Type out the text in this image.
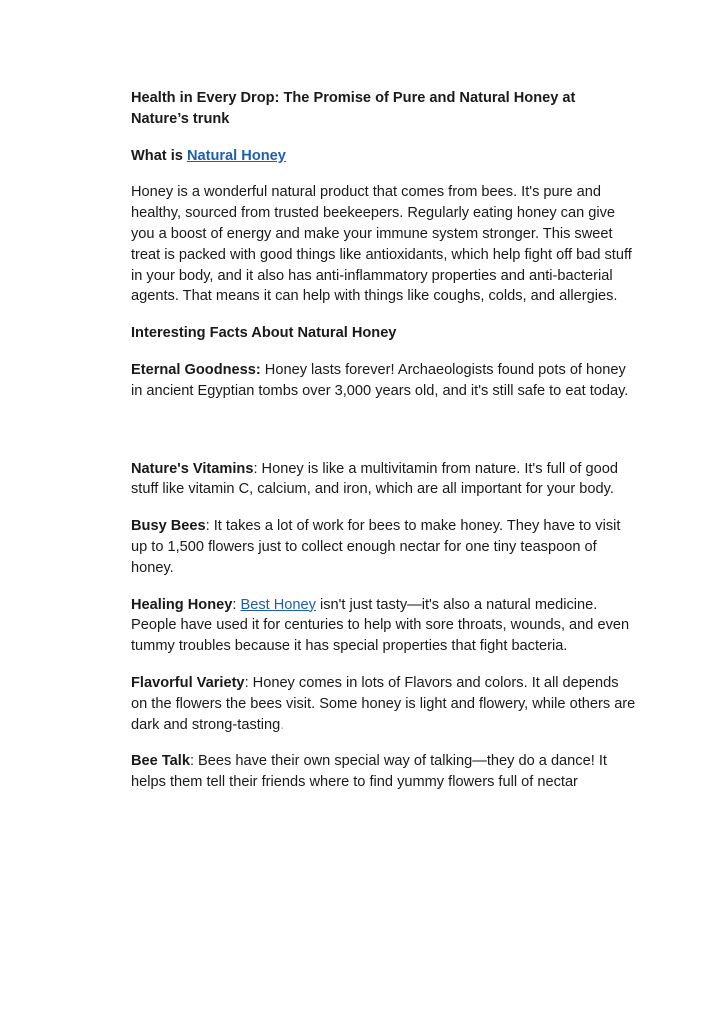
Health in Every Drop: The Promise of Pure and Natural Honey at Nature’s trunk
What is Natural Honey

Honey is a wonderful natural product that comes from bees. It's pure and healthy, sourced from trusted beekeepers. Regularly eating honey can give you a boost of energy and make your immune system stronger. This sweet treat is packed with good things like antioxidants, which help fight off bad stuff in your body, and it also has anti-inflammatory properties and anti-bacterial agents. That means it can help with things like coughs, colds, and allergies.

Interesting Facts About Natural Honey

Eternal Goodness: Honey lasts forever! Archaeologists found pots of honey in ancient Egyptian tombs over 3,000 years old, and it's still safe to eat today.

Nature's Vitamins: Honey is like a multivitamin from nature. It's full of good stuff like vitamin C, calcium, and iron, which are all important for your body.

Busy Bees: It takes a lot of work for bees to make honey. They have to visit up to 1,500 flowers just to collect enough nectar for one tiny teaspoon of honey.

Healing Honey: Best Honey isn't just tasty—it's also a natural medicine. People have used it for centuries to help with sore throats, wounds, and even tummy troubles because it has special properties that fight bacteria.

Flavorful Variety: Honey comes in lots of Flavors and colors. It all depends on the flowers the bees visit. Some honey is light and flowery, while others are dark and strong-tasting.

Bee Talk: Bees have their own special way of talking—they do a dance! It helps them tell their friends where to find yummy flowers full of nectar
